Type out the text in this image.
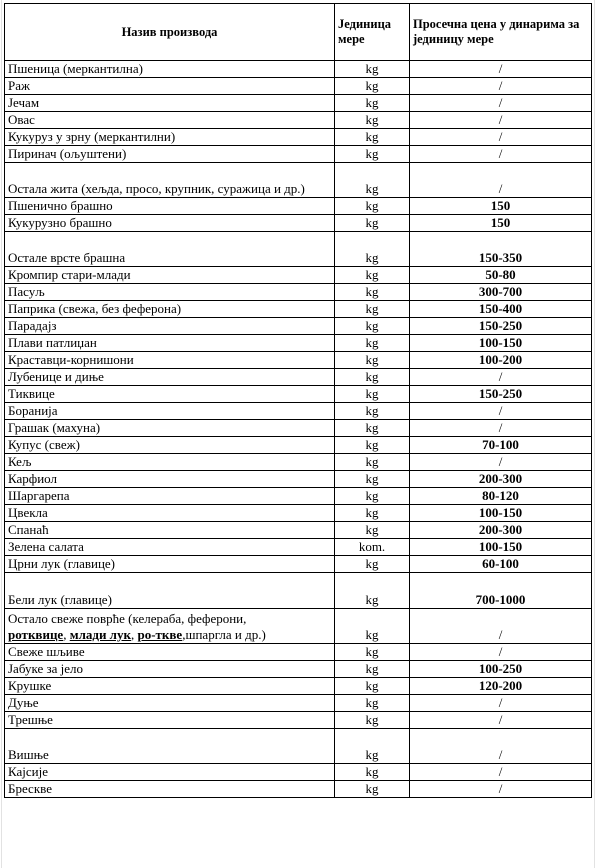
Назив производа	Јединица мере	Просечна цена у динарима за јединицу мере
Пшеница (меркантилна)	kg	/
Раж	kg	/
Јечам	kg	/
Овас	kg	/
Кукуруз у зрну (меркантилни)	kg	/
Пиринач (ољуштени)	kg	/
Остала жита (хељда, просо, крупник, суражица и др.)	kg	/
Пшенично брашно	kg	150
Кукурузно брашно	kg	150
Остале врсте брашна	kg	150-350
Кромпир стари-млади	kg	50-80
Пасуљ	kg	300-700
Паприка (свежа, без феферона)	kg	150-400
Парадајз	kg	150-250
Плави патлиџан	kg	100-150
Краставци-корнишони	kg	100-200
Лубенице и диње	kg	/
Тиквице	kg	150-250
Боранија	kg	/
Грашак (махуна)	kg	/
Купус (свеж)	kg	70-100
Кељ	kg	/
Карфиол	kg	200-300
Шаргарепа	kg	80-120
Цвекла	kg	100-150
Спанаћ	kg	200-300
Зелена салата	kom.	100-150
Црни лук (главице)	kg	60-100
Бели лук (главице)	kg	700-1000

Остало свеже поврће (келераба, феферони,
ротквице, млади лук, ро-тквe,шпаргла и др.)	kg	/
Свеже шљиве	kg	/
Јабуке за јело	kg	100-250
Крушке	kg	120-200
Дуње	kg	/
Трешње	kg	/
Вишње	kg	/
Кајсије	kg	/
Брескве	kg	/
